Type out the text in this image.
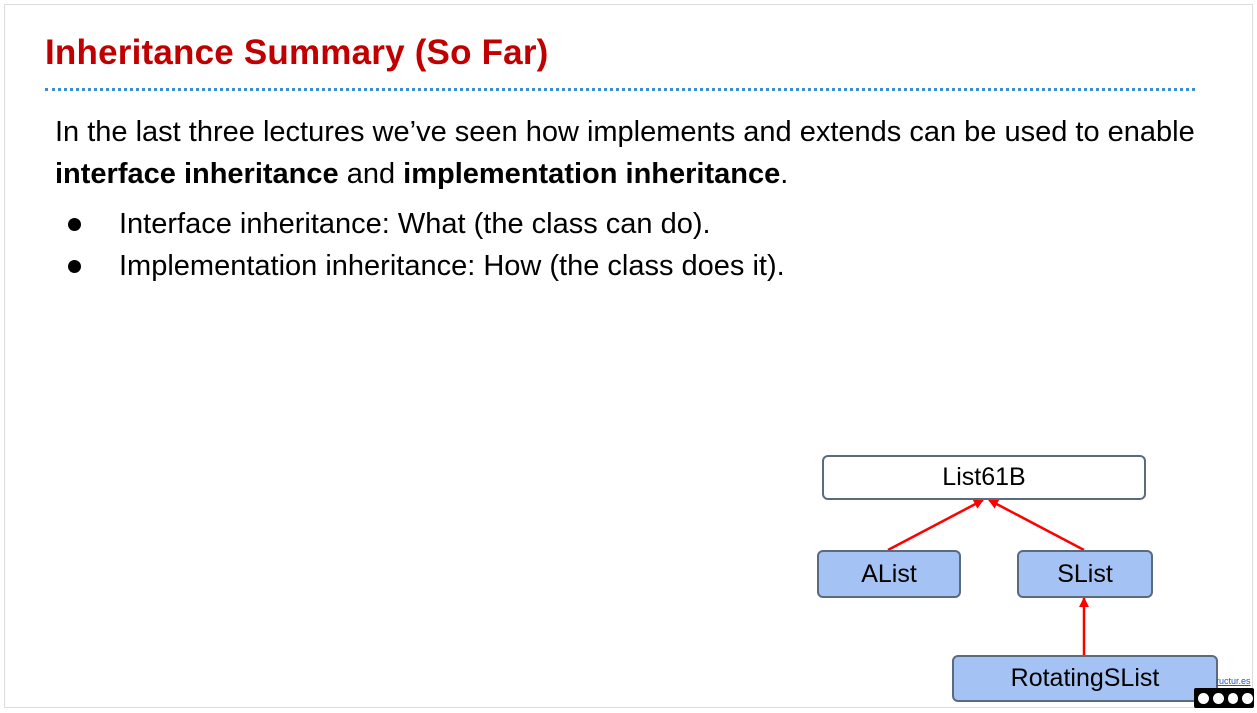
Inheritance Summary (So Far)
In the last three lectures we’ve seen how implements and extends can be used to enable interface inheritance and implementation inheritance.
Interface inheritance: What (the class can do).
Implementation inheritance: How (the class does it).
List61B
AList	SList
RotatingSList	ructur.es
